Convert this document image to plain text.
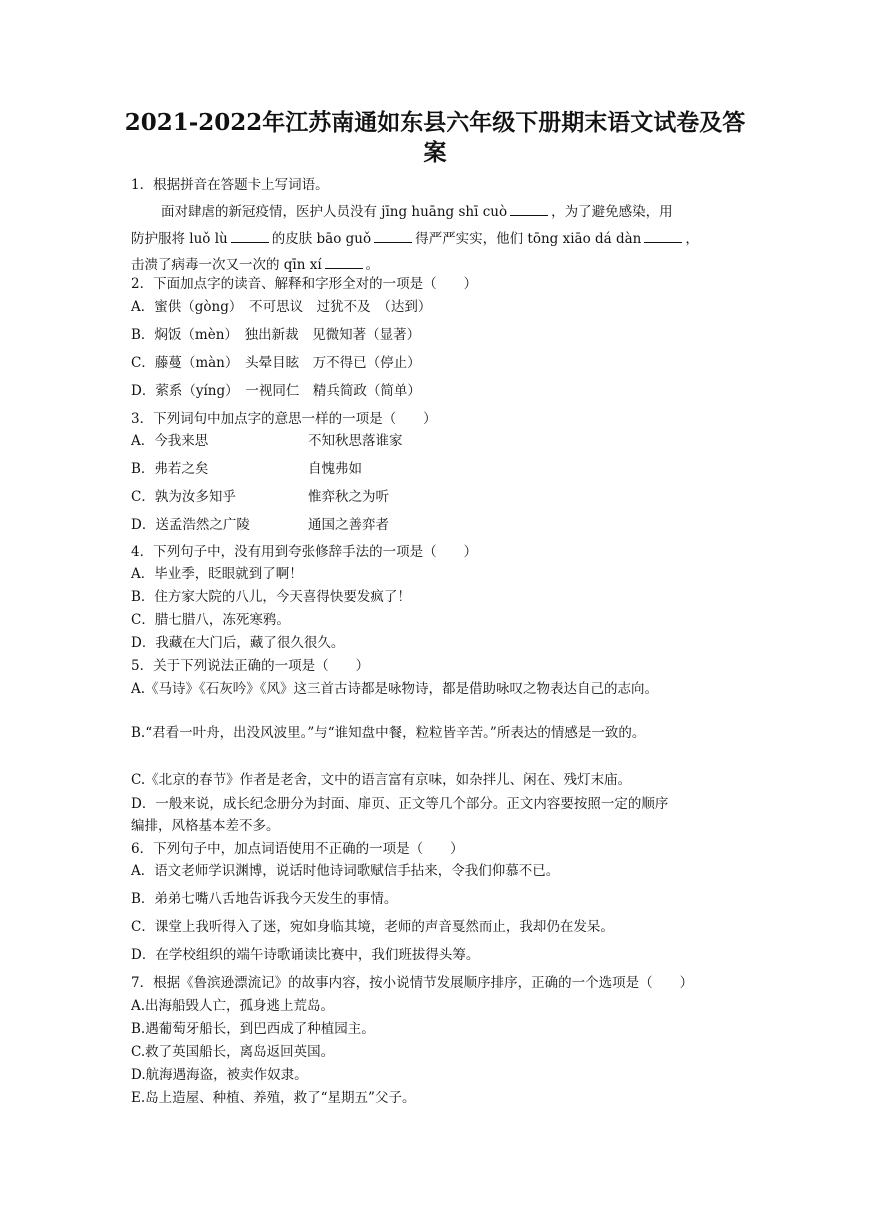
2021-2022年江苏南通如东县六年级下册期末语文试卷及答案
1．根据拼音在答题卡上写词语。
面对肆虐的新冠疫情，医护人员没有 jīng huāng shī cuò	，为了避免感染，用
防护服将 luǒ lù	的皮肤 bāo guǒ	得严严实实，他们 tōng xiāo dá dàn	，
击溃了病毒一次又一次的 qīn xí	。
2．下面加点字的读音、解释和字形全对的一项是（　　）
A．蜜供（gòng）　不可思议　过犹不及　（达到）
B．焖饭（mèn）　独出新裁　见微知著（显著）
C．藤蔓（màn）　头晕目眩　万不得已（停止）
D．萦系（yíng）　一视同仁　精兵简政（简单）
3．下列词句中加点字的意思一样的一项是（　　）
A．今我来思	不知秋思落谁家
B．弗若之矣	自愧弗如
C．孰为汝多知乎	惟弈秋之为听
D．送孟浩然之广陵	通国之善弈者
4．下列句子中，没有用到夸张修辞手法的一项是（　　）
A．毕业季，眨眼就到了啊！
B．住方家大院的八儿，今天喜得快要发疯了！
C．腊七腊八，冻死寒鸦。
D．我藏在大门后，藏了很久很久。
5．关于下列说法正确的一项是（　　）
A.《马诗》《石灰吟》《风》这三首古诗都是咏物诗，都是借助咏叹之物表达自己的志向。
B.“君看一叶舟，出没风波里。”与“谁知盘中餐，粒粒皆辛苦。”所表达的情感是一致的。
C.《北京的春节》作者是老舍，文中的语言富有京味，如杂拌儿、闲在、残灯末庙。
D．一般来说，成长纪念册分为封面、扉页、正文等几个部分。正文内容要按照一定的顺序
编排，风格基本差不多。
6．下列句子中，加点词语使用不正确的一项是（　　）
A．语文老师学识渊博，说话时他诗词歌赋信手拈来，令我们仰慕不已。
B．弟弟七嘴八舌地告诉我今天发生的事情。
C．课堂上我听得入了迷，宛如身临其境，老师的声音戛然而止，我却仍在发呆。
D．在学校组织的端午诗歌诵读比赛中，我们班拔得头筹。
7．根据《鲁滨逊漂流记》的故事内容，按小说情节发展顺序排序，正确的一个选项是（　　）
A.出海船毁人亡，孤身逃上荒岛。
B.遇葡萄牙船长，到巴西成了种植园主。
C.救了英国船长，离岛返回英国。
D.航海遇海盗，被卖作奴隶。
E.岛上造屋、种植、养殖，救了“星期五”父子。
